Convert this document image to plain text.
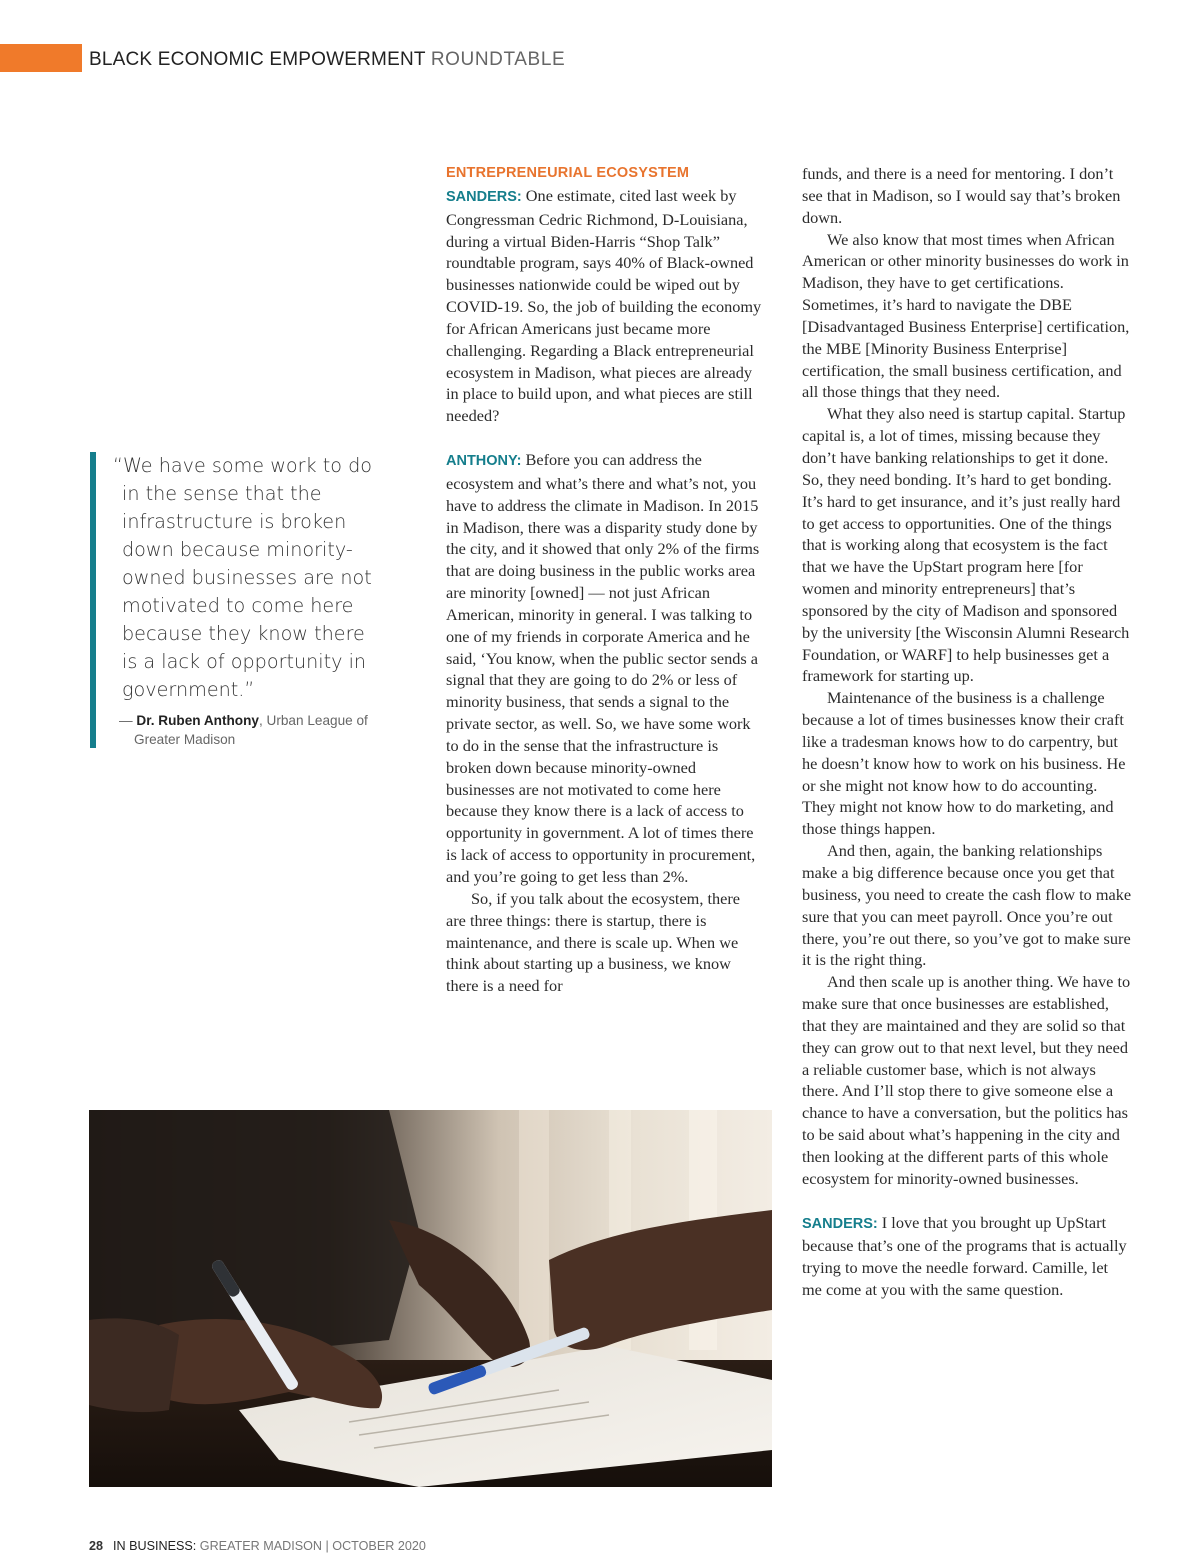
BLACK ECONOMIC EMPOWERMENT ROUNDTABLE
“We have some work to do in the sense that the infrastructure is broken down because minority-owned businesses are not motivated to come here because they know there is a lack of opportunity in government.”
— Dr. Ruben Anthony, Urban League of Greater Madison
ENTREPRENEURIAL ECOSYSTEM

SANDERS: One estimate, cited last week by Congressman Cedric Richmond, D-Louisiana, during a virtual Biden-Harris “Shop Talk” roundtable program, says 40% of Black-owned businesses nationwide could be wiped out by COVID-19. So, the job of building the economy for African Americans just became more challenging. Regarding a Black entrepreneurial ecosystem in Madison, what pieces are already in place to build upon, and what pieces are still needed?

ANTHONY: Before you can address the ecosystem and what’s there and what’s not, you have to address the climate in Madison. In 2015 in Madison, there was a disparity study done by the city, and it showed that only 2% of the firms that are doing business in the public works area are minority [owned] — not just African American, minority in general. I was talking to one of my friends in corporate America and he said, ‘You know, when the public sector sends a signal that they are going to do 2% or less of minority business, that sends a signal to the private sector, as well. So, we have some work to do in the sense that the infrastructure is broken down because minority-owned businesses are not motivated to come here because they know there is a lack of access to opportunity in government. A lot of times there is lack of access to opportunity in procurement, and you’re going to get less than 2%.

So, if you talk about the ecosystem, there are three things: there is startup, there is maintenance, and there is scale up. When we think about starting up a business, we know there is a need for

funds, and there is a need for mentoring. I don’t see that in Madison, so I would say that’s broken down.

We also know that most times when African American or other minority businesses do work in Madison, they have to get certifications. Sometimes, it’s hard to navigate the DBE [Disadvantaged Business Enterprise] certification, the MBE [Minority Business Enterprise] certification, the small business certification, and all those things that they need.

What they also need is startup capital. Startup capital is, a lot of times, missing because they don’t have banking relationships to get it done. So, they need bonding. It’s hard to get bonding. It’s hard to get insurance, and it’s just really hard to get access to opportunities. One of the things that is working along that ecosystem is the fact that we have the UpStart program here [for women and minority entrepreneurs] that’s sponsored by the city of Madison and sponsored by the university [the Wisconsin Alumni Research Foundation, or WARF] to help businesses get a framework for starting up.

Maintenance of the business is a challenge because a lot of times businesses know their craft like a tradesman knows how to do carpentry, but he doesn’t know how to work on his business. He or she might not know how to do accounting. They might not know how to do marketing, and those things happen.

And then, again, the banking relationships make a big difference because once you get that business, you need to create the cash flow to make sure that you can meet payroll. Once you’re out there, you’re out there, so you’ve got to make sure it is the right thing.

And then scale up is another thing. We have to make sure that once businesses are established, that they are maintained and they are solid so that they can grow out to that next level, but they need a reliable customer base, which is not always there. And I’ll stop there to give someone else a chance to have a conversation, but the politics has to be said about what’s happening in the city and then looking at the different parts of this whole ecosystem for minority-owned businesses.

SANDERS: I love that you brought up UpStart because that’s one of the programs that is actually trying to move the needle forward. Camille, let me come at you with the same question.

28 IN BUSINESS: GREATER MADISON | OCTOBER 2020
